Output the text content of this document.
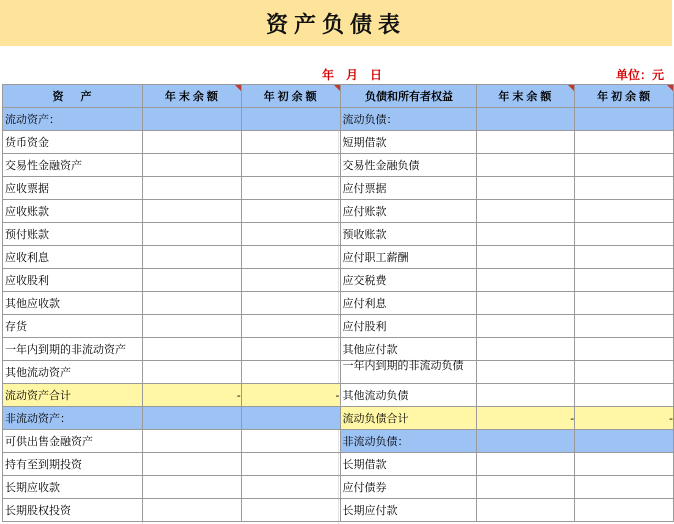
资产负债表
年　月　日	单位：元
资　产	年末余额	年初余额	负债和所有者权益	年末余额	年初余额

流动资产：			流动负债：		
货币资金			短期借款		
交易性金融资产			交易性金融负债		
应收票据			应付票据		
应收账款			应付账款		
预付账款			预收账款		
应收利息			应付职工薪酬		
应收股利			应交税费		
其他应收款			应付利息		
存货			应付股利		
一年内到期的非流动资产			其他应付款		
其他流动资产			一年内到期的非流动负债		
流动资产合计	-	-	其他流动负债		
非流动资产：			流动负债合计	-	-
可供出售金融资产			非流动负债：		
持有至到期投资			长期借款		
长期应收款			应付债券		
长期股权投资			长期应付款		
